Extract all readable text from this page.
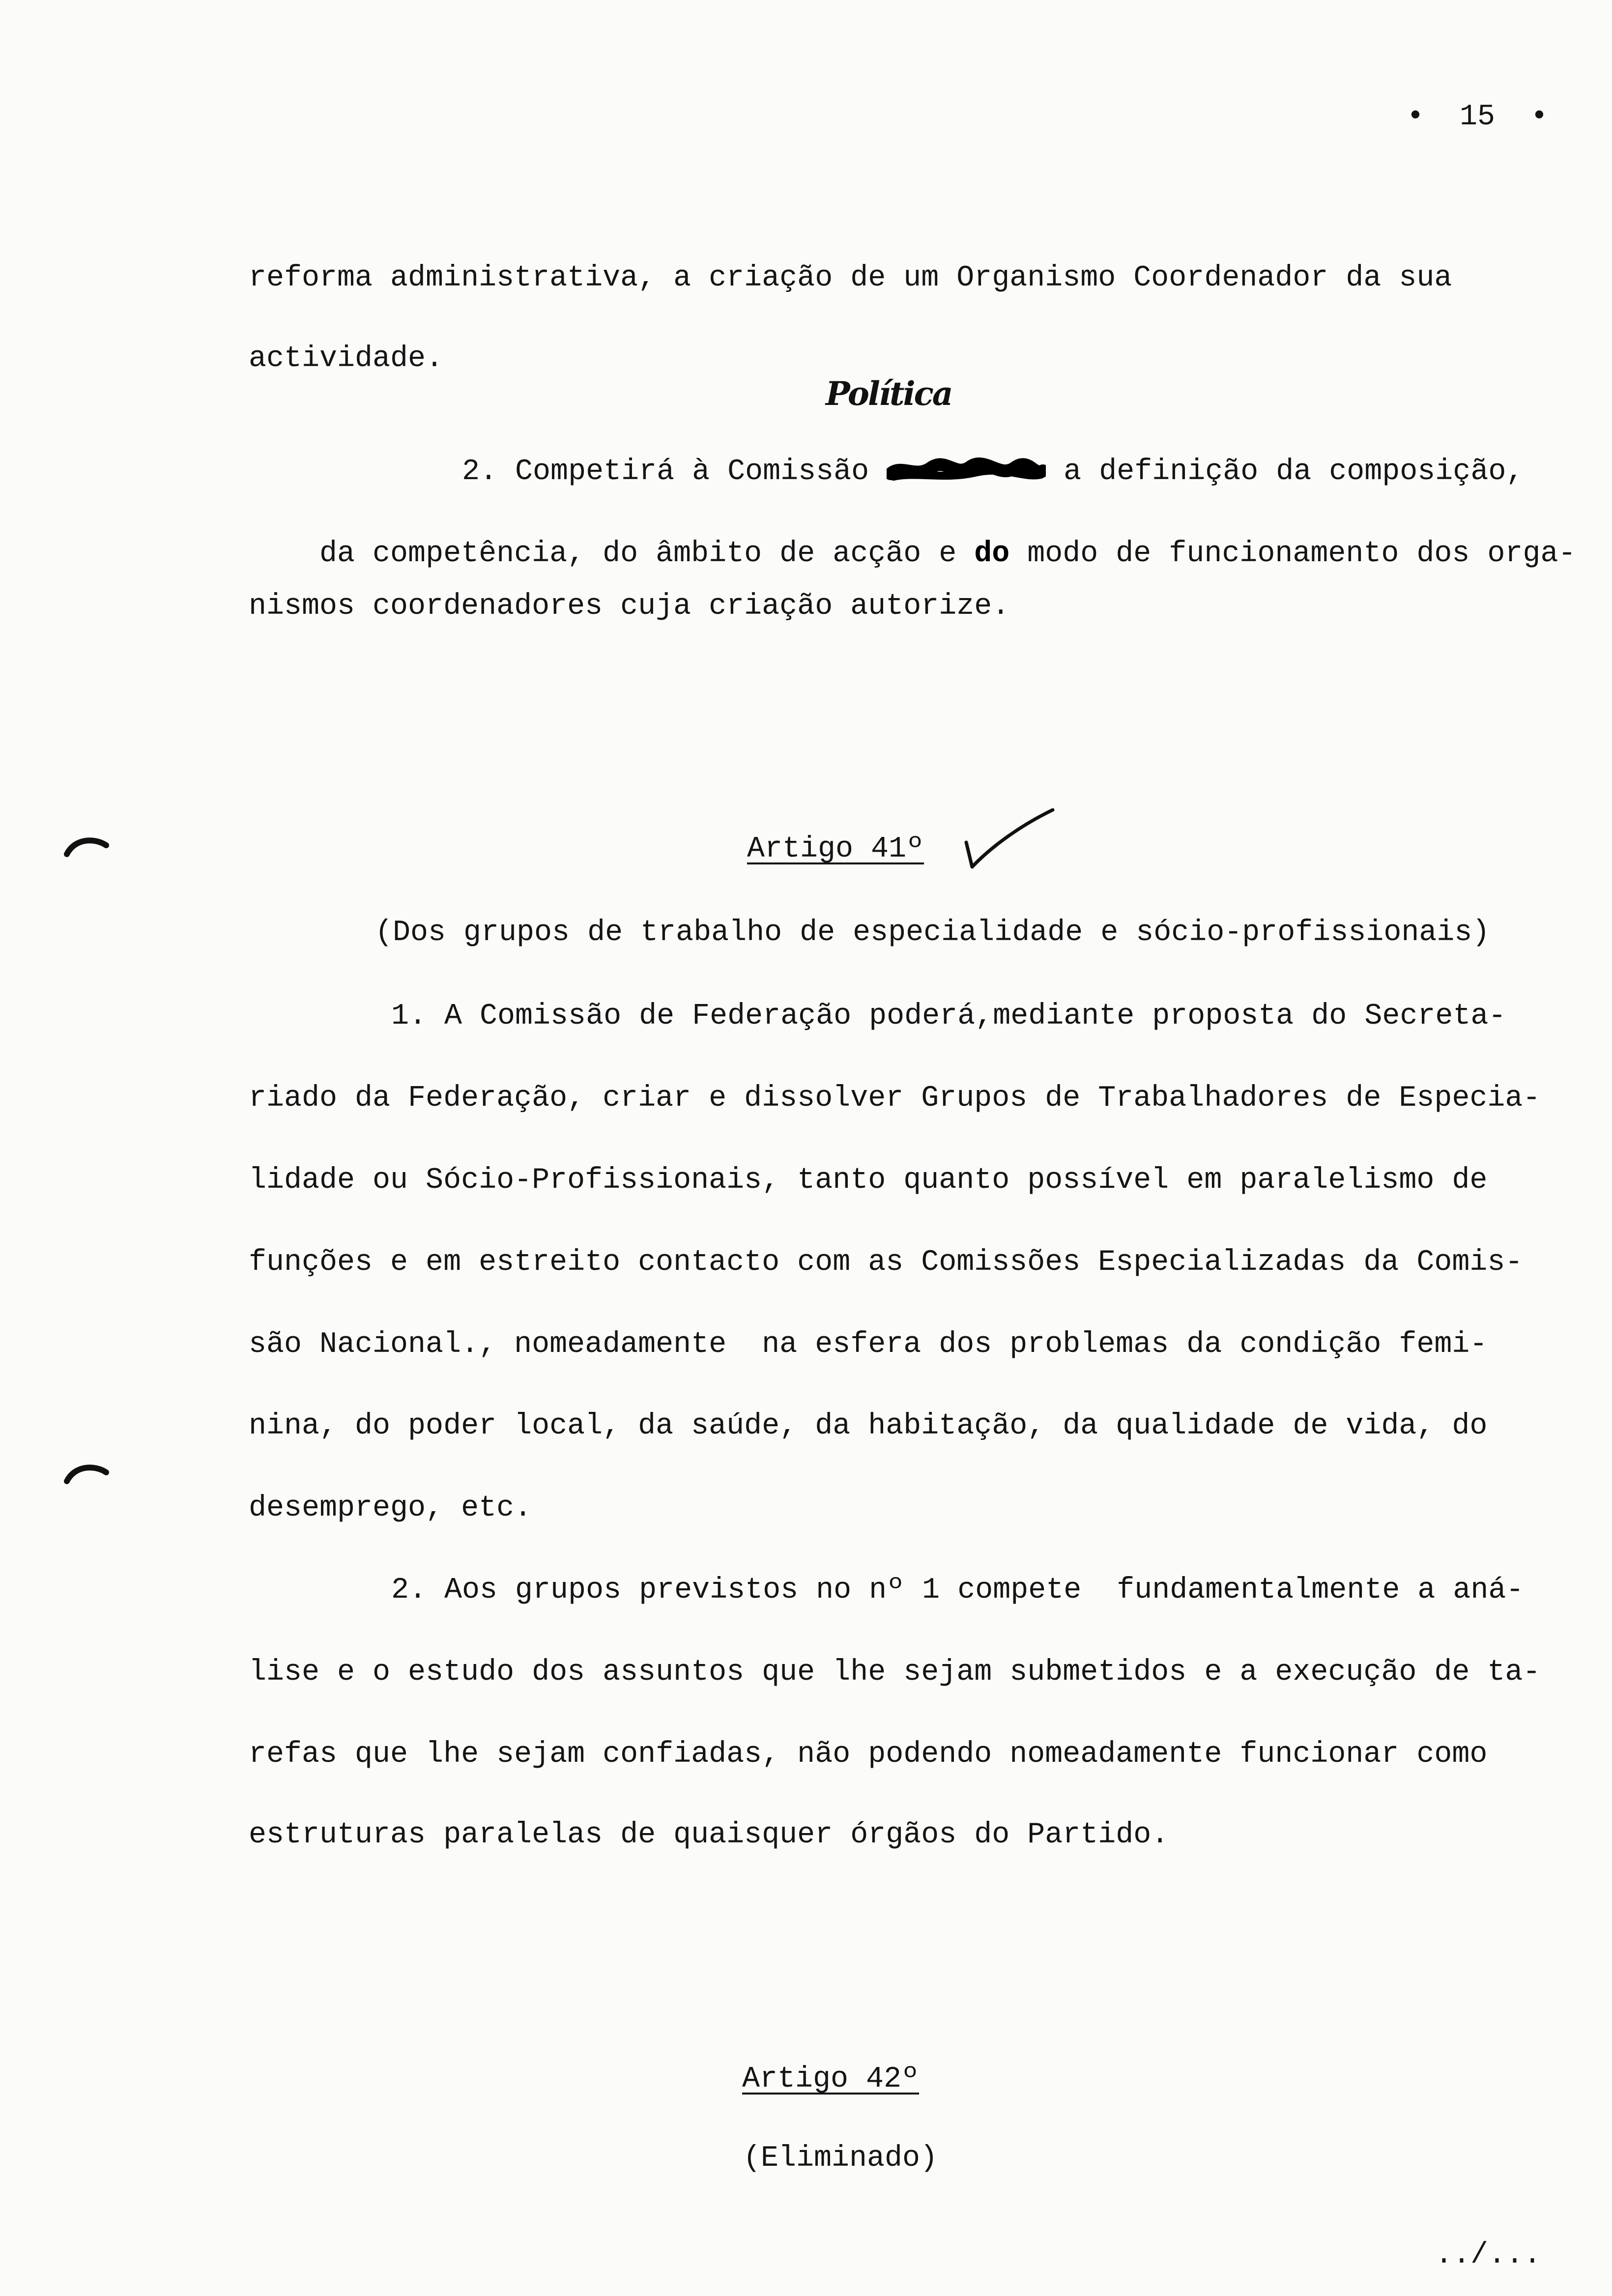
•  15  •
reforma administrativa, a criação de um Organismo Coordenador da sua
actividade.
Política

2. Competirá à Comissão	a definição da composição,

da competência, do âmbito de acção e do modo de funcionamento dos orga-

nismos coordenadores cuja criação autorize.
Artigo 41º
(Dos grupos de trabalho de especialidade e sócio-profissionais)
1. A Comissão de Federação poderá,mediante proposta do Secreta-
riado da Federação, criar e dissolver Grupos de Trabalhadores de Especia-
lidade ou Sócio-Profissionais, tanto quanto possível em paralelismo de
funções e em estreito contacto com as Comissões Especializadas da Comis-
são Nacional., nomeadamente  na esfera dos problemas da condição femi-
nina, do poder local, da saúde, da habitação, da qualidade de vida, do
desemprego, etc.
2. Aos grupos previstos no nº 1 compete  fundamentalmente a aná-
lise e o estudo dos assuntos que lhe sejam submetidos e a execução de ta-
refas que lhe sejam confiadas, não podendo nomeadamente funcionar como
estruturas paralelas de quaisquer órgãos do Partido.
Artigo 42º
(Eliminado)
../...
